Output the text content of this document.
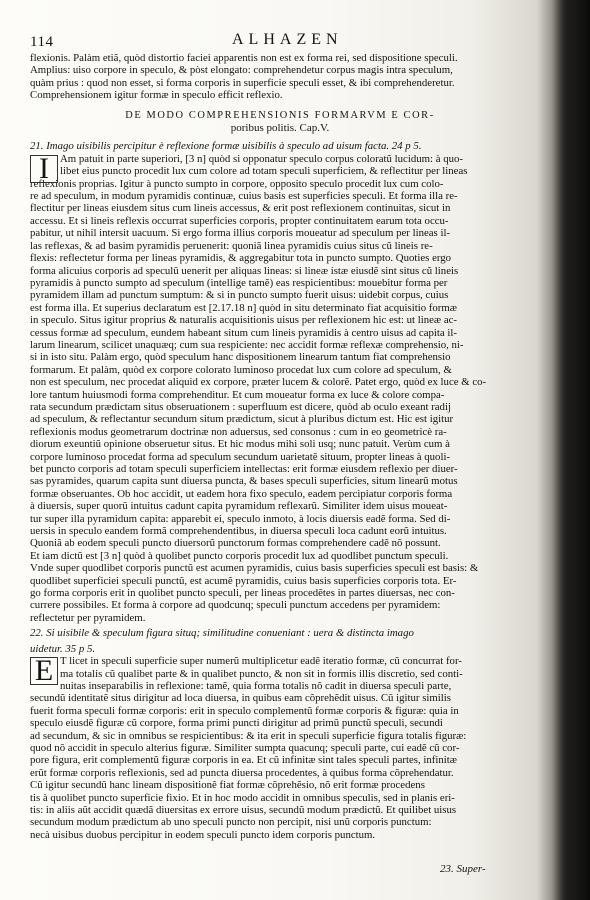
114	ALHAZEN
flexionis. Palàm etiã, quòd distortio faciei apparentis non est ex forma rei, sed dispositione speculi.
Amplius: uiso corpore in speculo, & pòst elongato: comprehendetur corpus magis intra speculum,
quàm prius : quod non esset, si forma corporis in superficie speculi esset, & ibi comprehenderetur.
Comprehensionem igitur formæ in speculo efficit reflexio.
DE MODO COMPREHENSIONIS FORMARVM E COR-
poribus politis. Cap.V.
21. Imago uisibilis percipitur è reflexione formæ uisibilis à speculo ad uisum facta. 24 p 5.
I	Am patuit in parte superiori, [3 n] quòd si opponatur speculo corpus coloratũ lucidum: à quo-
libet eius puncto procedit lux cum colore ad totam speculi superficiem, & reflectitur per lineas
reflexionis proprias. Igitur à puncto sumpto in corpore, opposito speculo procedit lux cum colo-
re ad speculum, in modum pyramidis continuæ, cuius basis est superficies speculi. Et forma illa re-
flectitur per lineas eiusdem situs cum lineis accessus, & erit post reflexionem continuitas, sicut in
accessu. Et si lineis reflexis occurrat superficies corporis, propter continuitatem earum tota occu-
pabitur, ut nihil intersit uacuum. Si ergo forma illius corporis moueatur ad speculum per lineas il-
las reflexas, & ad basim pyramidis peruenerit: quoniã linea pyramidis cuius situs cũ lineis re-
flexis: reflectetur forma per lineas pyramidis, & aggregabitur tota in puncto sumpto. Quoties ergo
forma alicuius corporis ad speculũ uenerit per aliquas lineas: si lineæ istæ eiusdẽ sint situs cũ lineis
pyramidis à puncto sumpto ad speculum (intellige tamẽ) eas respicientibus: mouebitur forma per
pyramidem illam ad punctum sumptum: & si in puncto sumpto fuerit uisus: uidebit corpus, cuius
est forma illa. Et superius declaratum est [2.17.18 n] quòd in situ determinato fiat acquisitio formæ
in speculo. Situs igitur proprius & naturalis acquisitionis uisus per reflexionem hic est: ut lineæ ac-
cessus formæ ad speculum, eundem habeant situm cum lineis pyramidis à centro uisus ad capita il-
larum linearum, scilicet unaquæq; cum sua respiciente: nec accidit formæ reflexæ comprehensio, ni-
si in isto situ. Palàm ergo, quòd speculum hanc dispositionem linearum tantum fiat comprehensio
formarum. Et palàm, quòd ex corpore colorato luminoso procedat lux cum colore ad speculum, &
non est speculum, nec procedat aliquid ex corpore, præter lucem & colorẽ. Patet ergo, quòd ex luce & co-
lore tantum huiusmodi forma comprehenditur. Et cum moueatur forma ex luce & colore compa-
rata secundum prædictam situs obseruationem : superfluum est dicere, quòd ab oculo exeant radij
ad speculum, & reflectantur secundum situm prædictum, sicut à pluribus dictum est. Hic est igitur
reflexionis modus geometrarum doctrinæ non aduersus, sed consonus : cum in eo geometricè ra-
diorum exeuntiũ opinione obseruetur situs. Et hic modus mihi soli usq; nunc patuit. Verùm cum à
corpore luminoso procedat forma ad speculum secundum uarietatẽ situum, propter lineas à quoli-
bet puncto corporis ad totam speculi superficiem intellectas: erit formæ eiusdem reflexio per diuer-
sas pyramides, quarum capita sunt diuersa puncta, & bases speculi superficies, situm linearũ motus
formæ obseruantes. Ob hoc accidit, ut eadem hora fixo speculo, eadem percipiatur corporis forma
à diuersis, super quorũ intuitus cadunt capita pyramidum reflexarũ. Similiter idem uisus moueat-
tur super illa pyramidum capita: apparebit ei, speculo inmoto, à locis diuersis eadẽ forma. Sed di-
uersis in speculo eandem formã comprehendentibus, in diuersa speculi loca cadunt eorũ intuitus.
Quoniã ab eodem speculi puncto diuersorũ punctorum formas comprehendere cadẽ nõ possunt.
Et iam dictũ est [3 n] quòd à quolibet puncto corporis procedit lux ad quodlibet punctum speculi.
Vnde super quodlibet corporis punctũ est acumen pyramidis, cuius basis superficies speculi est basis: &
quodlibet superficiei speculi punctũ, est acumẽ pyramidis, cuius basis superficies corporis tota. Er-
go forma corporis erit in quolibet puncto speculi, per lineas procedẽtes in partes diuersas, nec con-
currere possibiles. Et forma à corpore ad quodcunq; speculi punctum accedens per pyramidem:
reflectetur per pyramidem.
22. Si uisibile & speculum figura situq; similitudine conueniant : uera & distincta imago
uidetur. 35 p 5.
E T licet in speculi superficie super numerũ multiplicetur eadẽ iteratio formæ, cũ concurrat for-
ma totalis cũ qualibet parte & in qualibet puncto, & non sit in formis illis discretio, sed conti-
nuitas inseparabilis in reflexione: tamẽ, quia forma totalis nõ cadit in diuersa speculi parte,
secundũ identitatẽ situs dirigitur ad loca diuersa, in quibus eam cõprehẽdit uisus. Cũ igitur similis
fuerit forma speculi formæ corporis: erit in speculo complementũ formæ corporis & figuræ: quia in
speculo eiusdẽ figuræ cũ corpore, forma primi puncti dirigitur ad primũ punctũ speculi, secundi
ad secundum, & sic in omnibus se respicientibus: & ita erit in speculi superficie figura totalis figuræ:
quod nõ accidit in speculo alterius figuræ. Similiter sumpta quacunq; speculi parte, cui eadẽ cũ cor-
pore figura, erit complementũ figuræ corporis in ea. Et cũ infinitæ sint tales speculi partes, infinitæ
erũt formæ corporis reflexionis, sed ad puncta diuersa procedentes, à quibus forma cõprehendatur.
Cũ igitur secundũ hanc lineam dispositionẽ fiat formæ cõprehẽsio, nõ erit formæ procedens
tis à quolibet puncto superficie fixio. Et in hoc modo accidit in omnibus speculis, sed in planis eri-
tis: in aliis aũt accidit quædã diuersitas ex errore uisus, secundũ modum prædictũ. Et quilibet uisus
secundum modum prædictum ab uno speculi puncto non percipit, nisi unũ corporis punctum:
necà uisibus duobus percipitur in eodem speculi puncto idem corporis punctum.
23. Super-
